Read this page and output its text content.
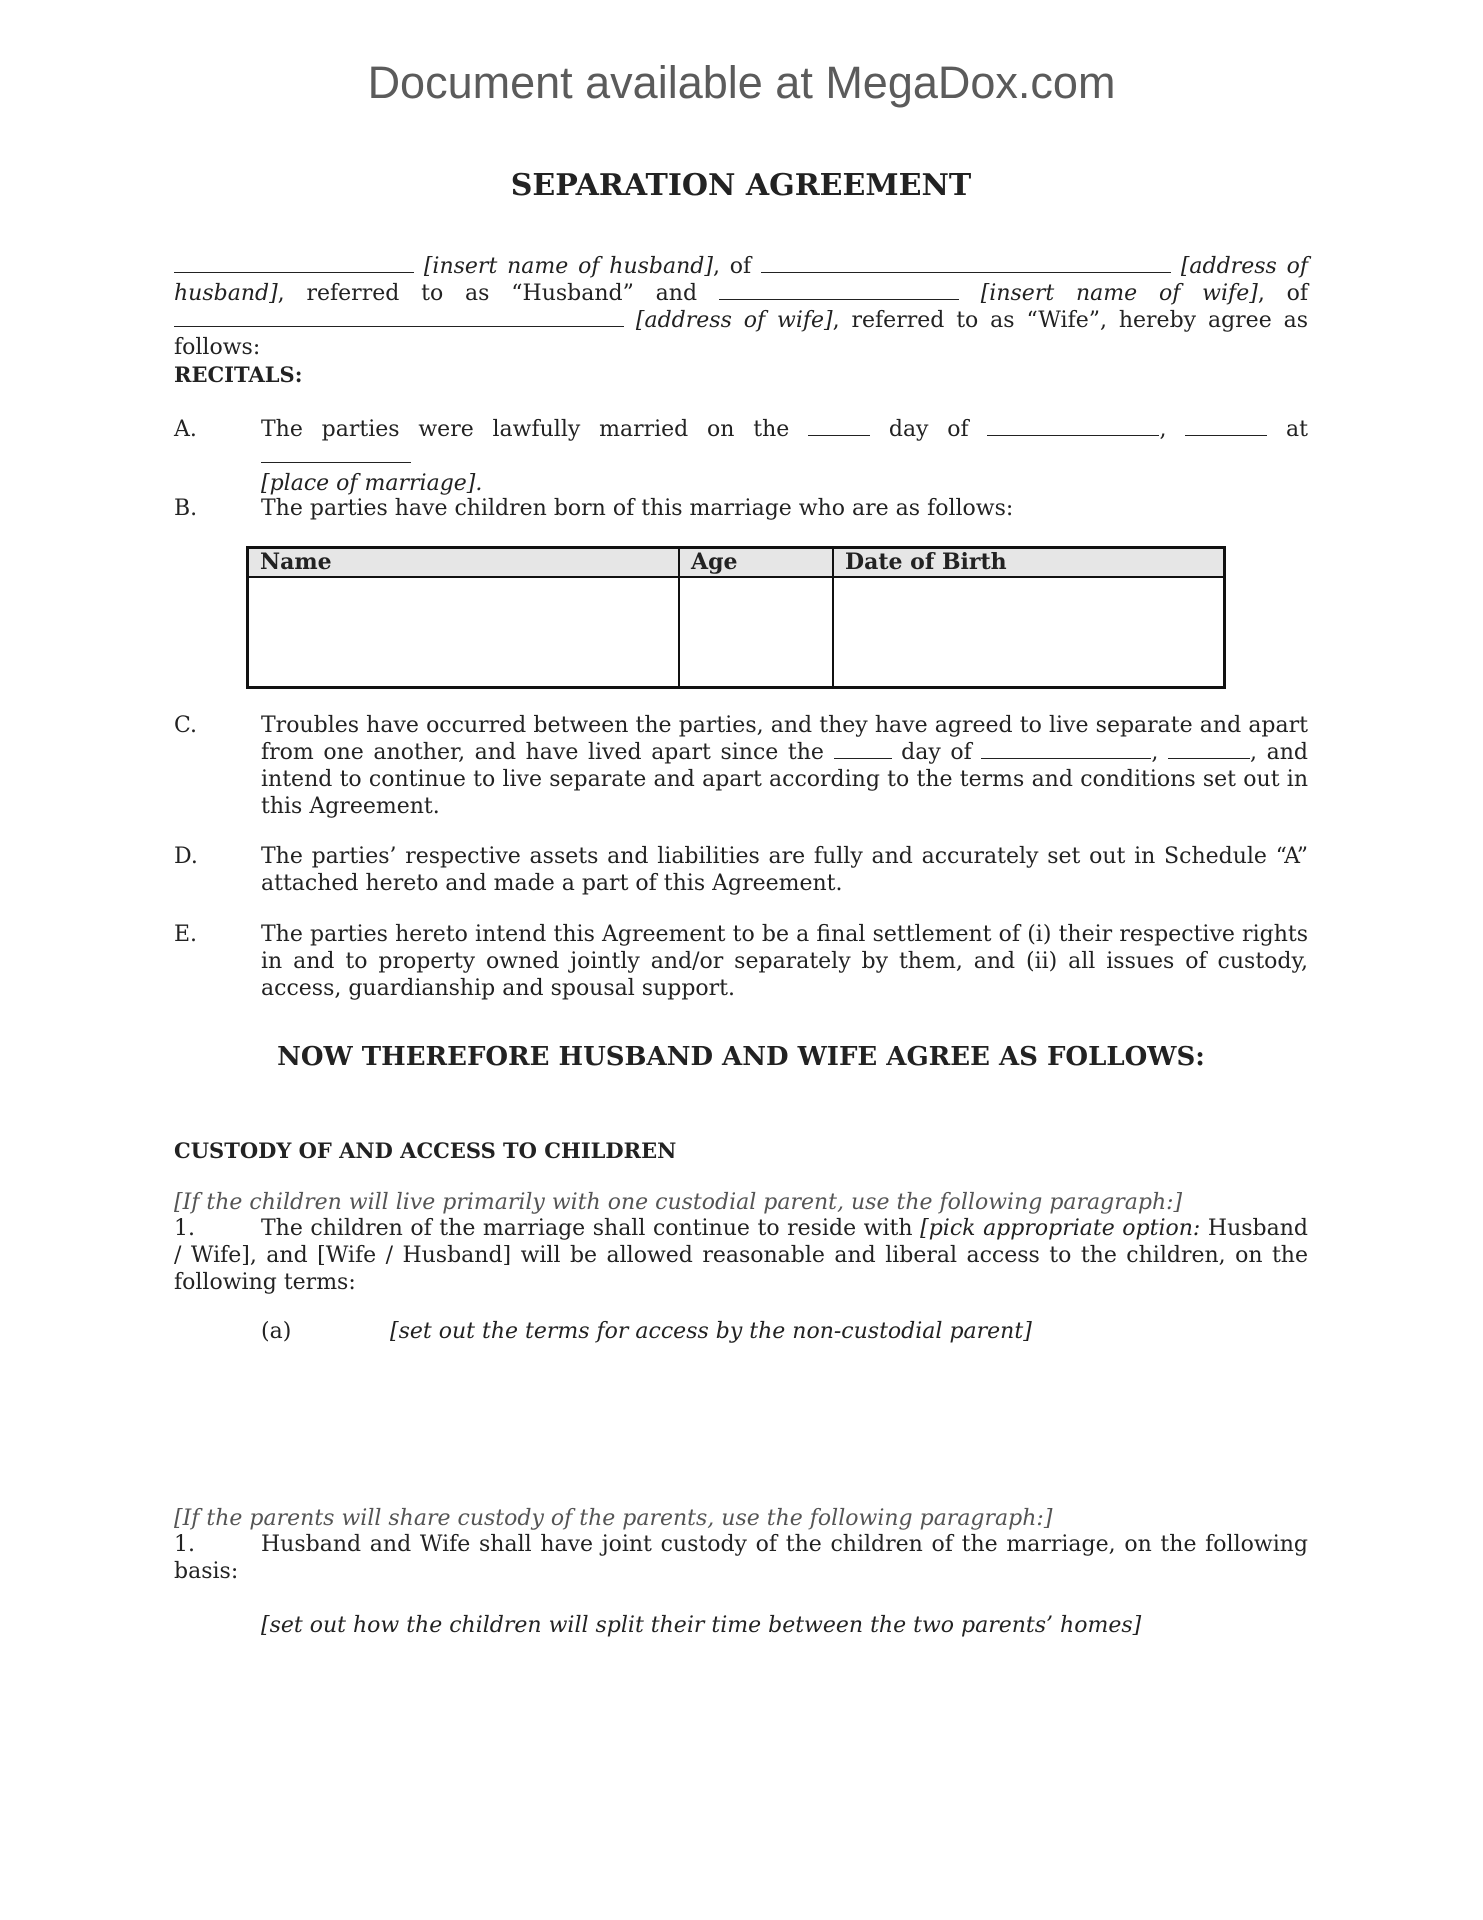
Document available at MegaDox.com
SEPARATION AGREEMENT
[insert name of husband], of	[address of husband], referred to as “Husband” and	[insert name of wife], of  [address of wife], referred to as “Wife”, hereby agree as follows:
RECITALS:
A.	The parties were lawfully married on the	day of	,	at
[place of marriage].
B.	The parties have children born of this marriage who are as follows:
Name	Age	Date of Birth

C.	Troubles have occurred between the parties, and they have agreed to live separate and apart from one another, and have lived apart since the	day of	,	, and intend to continue to live separate and apart according to the terms and conditions set out in this Agreement.
D.	The parties’ respective assets and liabilities are fully and accurately set out in Schedule “A” attached hereto and made a part of this Agreement.
E.	The parties hereto intend this Agreement to be a final settlement of (i) their respective rights in and to property owned jointly and/or separately by them, and (ii) all issues of custody, access, guardianship and spousal support.
NOW THEREFORE HUSBAND AND WIFE AGREE AS FOLLOWS:
CUSTODY OF AND ACCESS TO CHILDREN
[If the children will live primarily with one custodial parent, use the following paragraph:]
1.	The children of the marriage shall continue to reside with [pick appropriate option: Husband / Wife], and [Wife / Husband] will be allowed reasonable and liberal access to the children, on the following terms:
(a)	[set out the terms for access by the non-custodial parent]
[If the parents will share custody of the parents, use the following paragraph:]
1.	Husband and Wife shall have joint custody of the children of the marriage, on the following basis:
[set out how the children will split their time between the two parents’ homes]
